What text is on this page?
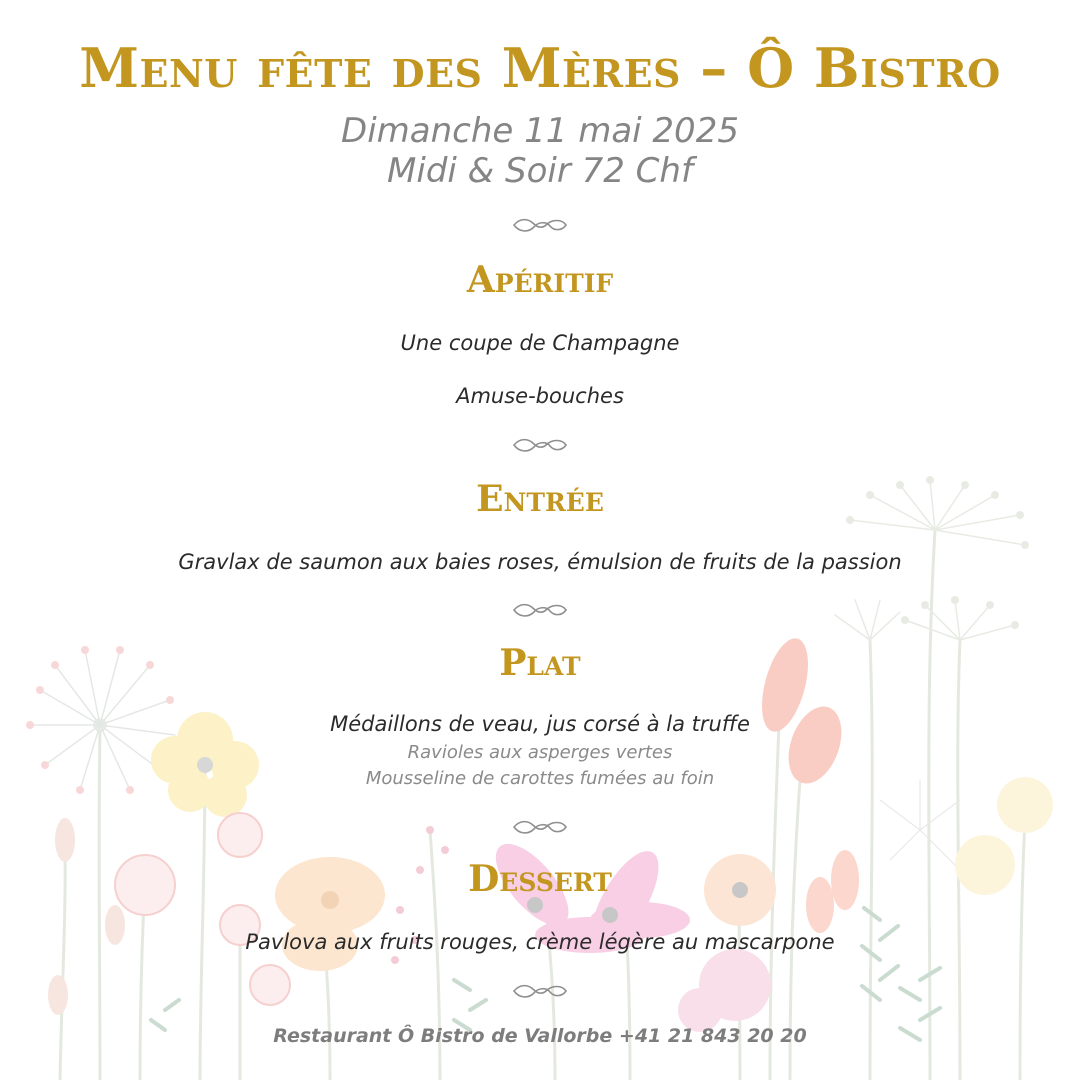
Menu fête des Mères – Ô Bistro
Dimanche 11 mai 2025
Midi & Soir 72 Chf
Apéritif
Une coupe de Champagne
Amuse-bouches
Entrée
Gravlax de saumon aux baies roses, émulsion de fruits de la passion
Plat
Médaillons de veau, jus corsé à la truffe
Ravioles aux asperges vertes
Mousseline de carottes fumées au foin
Dessert
Pavlova aux fruits rouges, crème légère au mascarpone
Restaurant Ô Bistro de Vallorbe +41 21 843 20 20
